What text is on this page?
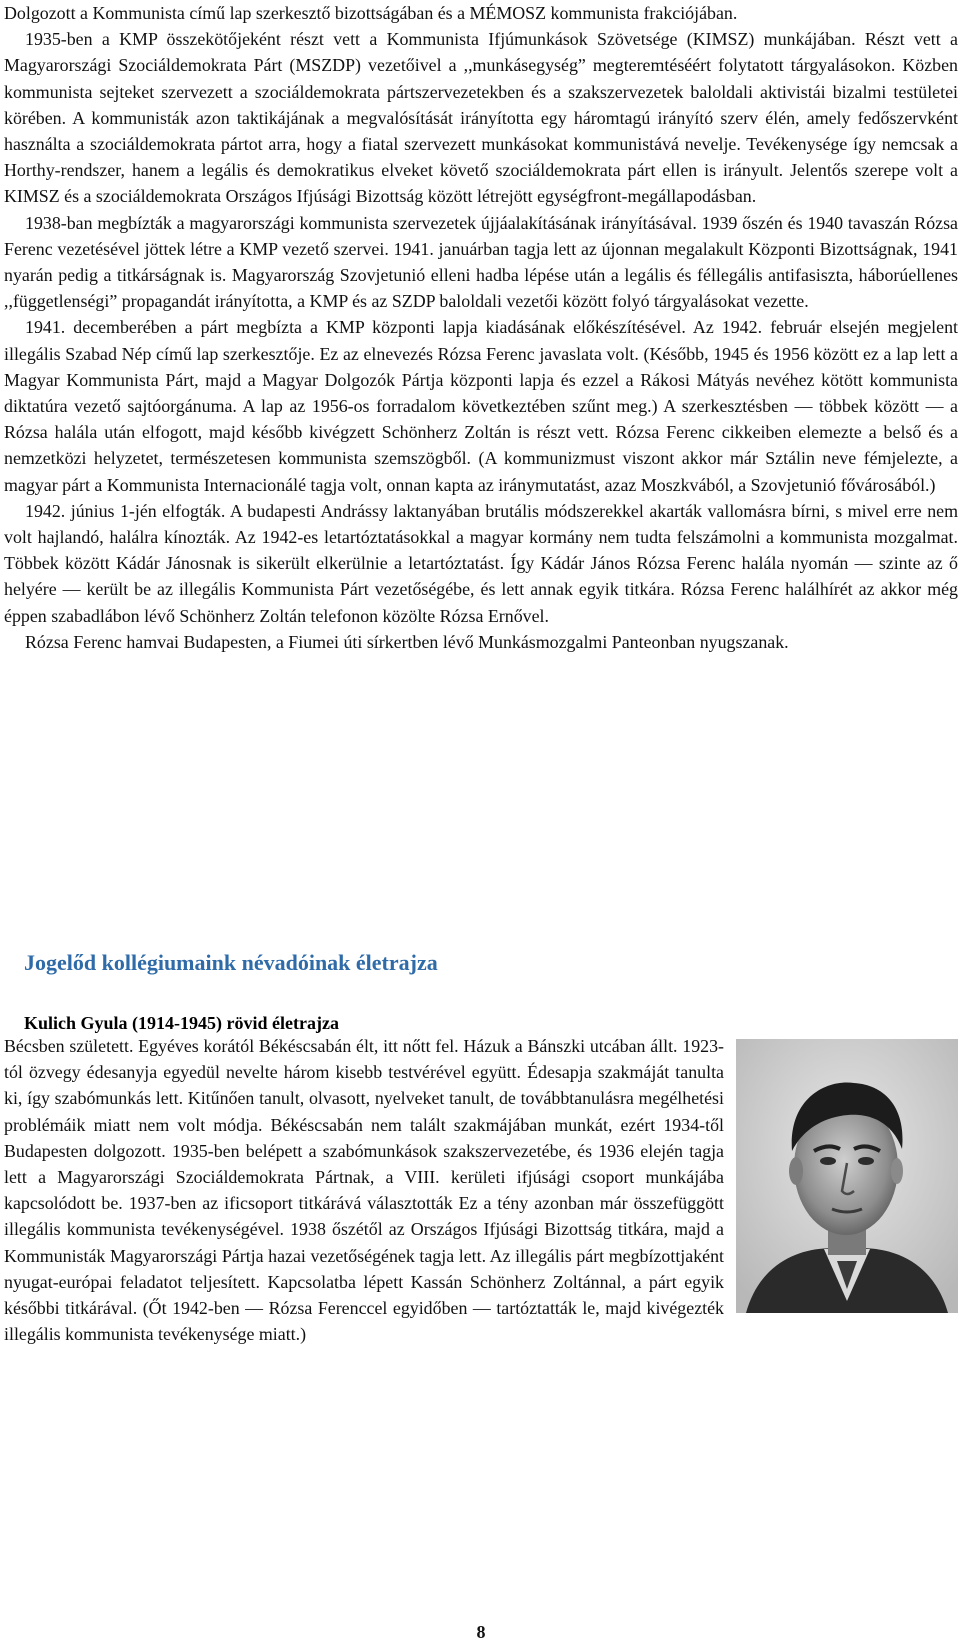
Dolgozott a Kommunista című lap szerkesztő bizottságában és a MÉMOSZ kommunista frakciójában.

1935-ben a KMP összekötőjeként részt vett a Kommunista Ifjúmunkások Szövetsége (KIMSZ) munkájában. Részt vett a Magyarországi Szociáldemokrata Párt (MSZDP) vezetőivel a ,,munkásegység” megteremtéséért folytatott tárgyalásokon. Közben kommunista sejteket szervezett a szociáldemokrata pártszervezetekben és a szakszervezetek baloldali aktivistái bizalmi testületei körében. A kommunisták azon taktikájának a megvalósítását irányította egy háromtagú irányító szerv élén, amely fedőszervként használta a szociáldemokrata pártot arra, hogy a fiatal szervezett munkásokat kommunistává nevelje. Tevékenysége így nemcsak a Horthy-rendszer, hanem a legális és demokratikus elveket követő szociáldemokrata párt ellen is irányult. Jelentős szerepe volt a KIMSZ és a szociáldemokrata Országos Ifjúsági Bizottság között létrejött egységfront-megállapodásban.

1938-ban megbízták a magyarországi kommunista szervezetek újjáalakításának irányításával. 1939 őszén és 1940 tavaszán Rózsa Ferenc vezetésével jöttek létre a KMP vezető szervei. 1941. januárban tagja lett az újonnan megalakult Központi Bizottságnak, 1941 nyarán pedig a titkárságnak is. Magyarország Szovjetunió elleni hadba lépése után a legális és féllegális antifasiszta, háborúellenes ,,függetlenségi” propagandát irányította, a KMP és az SZDP baloldali vezetői között folyó tárgyalásokat vezette.

1941. decemberében a párt megbízta a KMP központi lapja kiadásának előkészítésével. Az 1942. február elsején megjelent illegális Szabad Nép című lap szerkesztője. Ez az elnevezés Rózsa Ferenc javaslata volt. (Később, 1945 és 1956 között ez a lap lett a Magyar Kommunista Párt, majd a Magyar Dolgozók Pártja központi lapja és ezzel a Rákosi Mátyás nevéhez kötött kommunista diktatúra vezető sajtóorgánuma. A lap az 1956-os forradalom következtében szűnt meg.) A szerkesztésben — többek között — a Rózsa halála után elfogott, majd később kivégzett Schönherz Zoltán is részt vett. Rózsa Ferenc cikkeiben elemezte a belső és a nemzetközi helyzetet, természetesen kommunista szemszögből. (A kommunizmust viszont akkor már Sztálin neve fémjelezte, a magyar párt a Kommunista Internacionálé tagja volt, onnan kapta az iránymutatást, azaz Moszkvából, a Szovjetunió fővárosából.)

1942. június 1-jén elfogták. A budapesti Andrássy laktanyában brutális módszerekkel akarták vallomásra bírni, s mivel erre nem volt hajlandó, halálra kínozták. Az 1942-es letartóztatásokkal a magyar kormány nem tudta felszámolni a kommunista mozgalmat. Többek között Kádár Jánosnak is sikerült elkerülnie a letartóztatást. Így Kádár János Rózsa Ferenc halála nyomán — szinte az ő helyére — került be az illegális Kommunista Párt vezetőségébe, és lett annak egyik titkára. Rózsa Ferenc halálhírét az akkor még éppen szabadlábon lévő Schönherz Zoltán telefonon közölte Rózsa Ernővel.

Rózsa Ferenc hamvai Budapesten, a Fiumei úti sírkertben lévő Munkásmozgalmi Panteonban nyugszanak.

Jogelőd kollégiumaink névadóinak életrajza
Kulich Gyula (1914-1945) rövid életrajza

Bécsben született. Egyéves korától Békéscsabán élt, itt nőtt fel. Házuk a Bánszki utcában állt. 1923-tól özvegy édesanyja egyedül nevelte három kisebb testvérével együtt. Édesapja szakmáját tanulta ki, így szabómunkás lett. Kitűnően tanult, olvasott, nyelveket tanult, de továbbtanulásra megélhetési problémáik miatt nem volt módja. Békéscsabán nem talált szakmájában munkát, ezért 1934-től Budapesten dolgozott. 1935-ben belépett a szabómunkások szakszervezetébe, és 1936 elején tagja lett a Magyarországi Szociáldemokrata Pártnak, a VIII. kerületi ifjúsági csoport munkájába kapcsolódott be. 1937-ben az ificsoport titkárává választották Ez a tény azonban már összefüggött illegális kommunista tevékenységével. 1938 őszétől az Országos Ifjúsági Bizottság titkára, majd a Kommunisták Magyarországi Pártja hazai vezetőségének tagja lett. Az illegális párt megbízottjaként nyugat-európai feladatot teljesített. Kapcsolatba lépett Kassán Schönherz Zoltánnal, a párt egyik későbbi titkárával. (Őt 1942-ben — Rózsa Ferenccel egyidőben — tartóztatták le, majd kivégezték illegális kommunista tevékenysége miatt.)

8
